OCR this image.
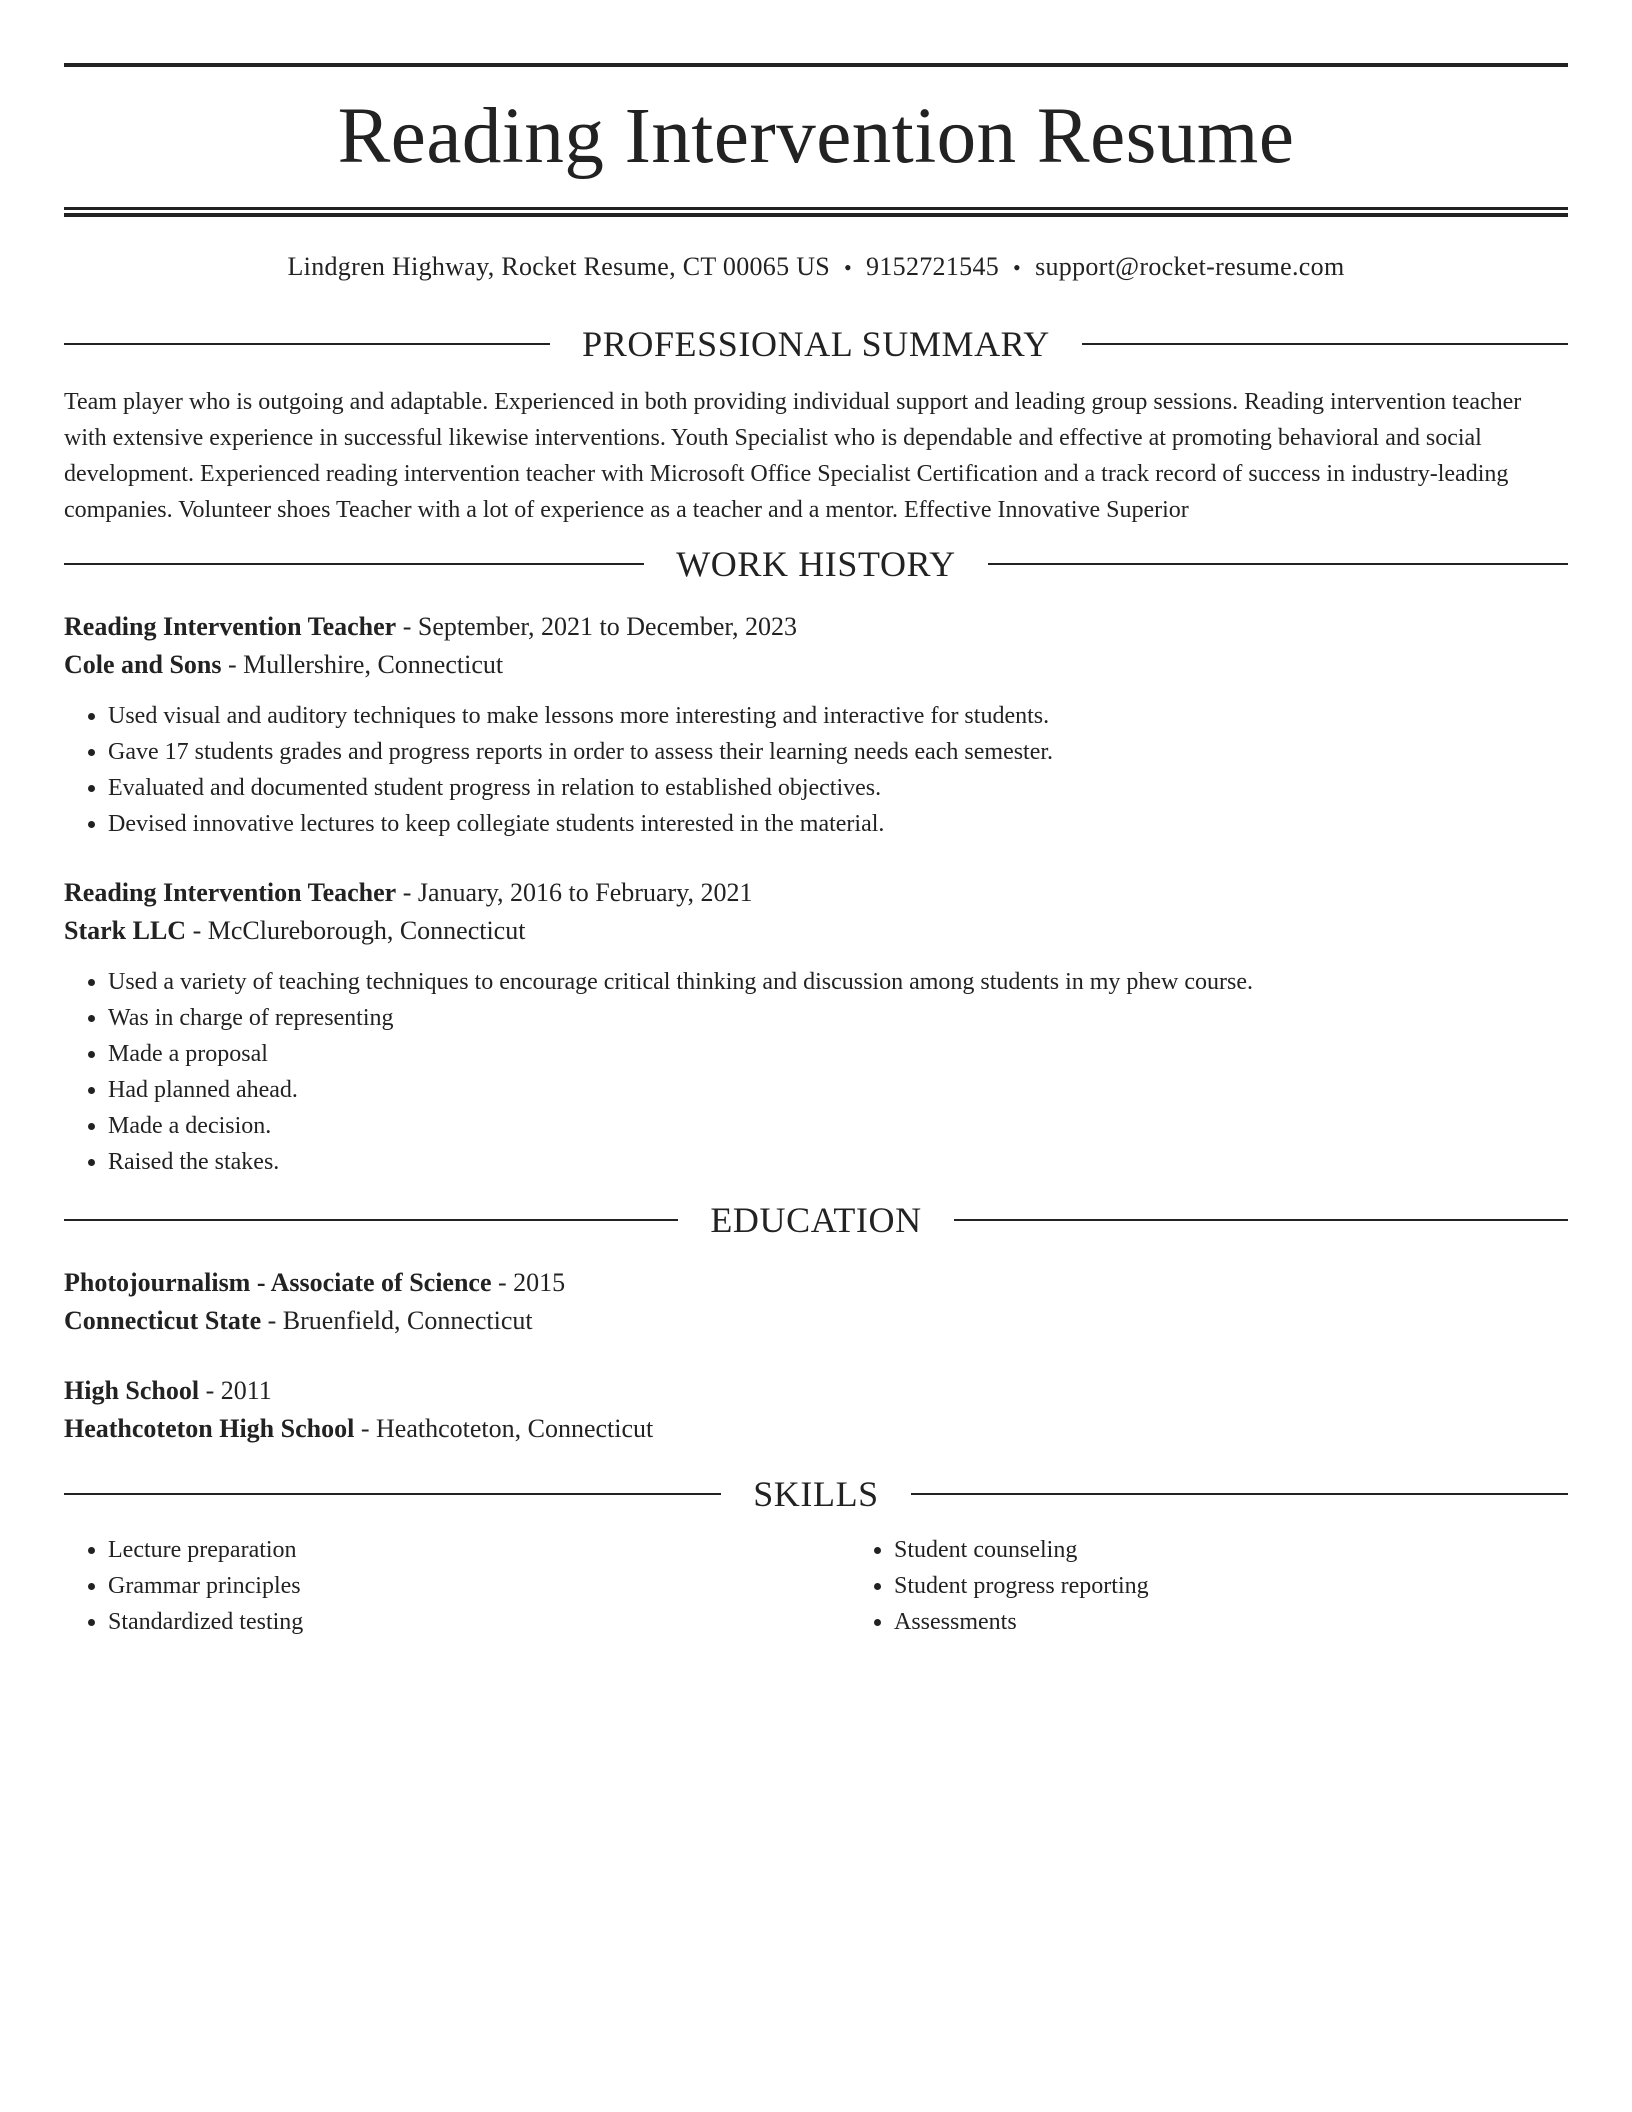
Reading Intervention Resume
Lindgren Highway, Rocket Resume, CT 00065 US • 9152721545 • support@rocket-resume.com
PROFESSIONAL SUMMARY

Team player who is outgoing and adaptable. Experienced in both providing individual support and leading group sessions. Reading intervention teacher with extensive experience in successful likewise interventions. Youth Specialist who is dependable and effective at promoting behavioral and social development. Experienced reading intervention teacher with Microsoft Office Specialist Certification and a track record of success in industry-leading companies. Volunteer shoes Teacher with a lot of experience as a teacher and a mentor. Effective Innovative Superior

WORK HISTORY
Reading Intervention Teacher - September, 2021 to December, 2023
Cole and Sons - Mullershire, Connecticut
• Used visual and auditory techniques to make lessons more interesting and interactive for students.
• Gave 17 students grades and progress reports in order to assess their learning needs each semester.
• Evaluated and documented student progress in relation to established objectives.
• Devised innovative lectures to keep collegiate students interested in the material.
Reading Intervention Teacher - January, 2016 to February, 2021
Stark LLC - McClureborough, Connecticut
• Used a variety of teaching techniques to encourage critical thinking and discussion among students in my phew course.
• Was in charge of representing
• Made a proposal
• Had planned ahead.
• Made a decision.
• Raised the stakes.
EDUCATION
Photojournalism - Associate of Science - 2015
Connecticut State - Bruenfield, Connecticut
High School - 2011
Heathcoteton High School - Heathcoteton, Connecticut
SKILLS
• Lecture preparation
• Grammar principles
• Standardized testing
• Student counseling
• Student progress reporting
• Assessments
